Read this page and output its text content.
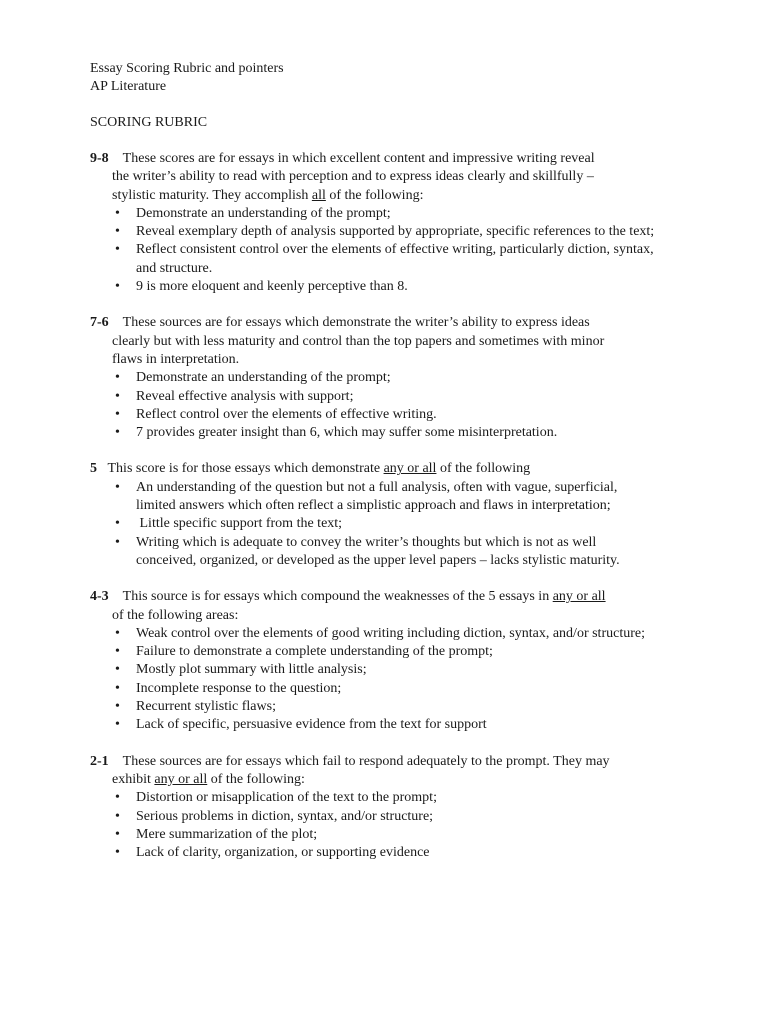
Essay Scoring Rubric and pointers
AP Literature
SCORING RUBRIC
9-8 These scores are for essays in which excellent content and impressive writing reveal
the writer’s ability to read with perception and to express ideas clearly and skillfully –
stylistic maturity. They accomplish all of the following:
• Demonstrate an understanding of the prompt;
• Reveal exemplary depth of analysis supported by appropriate, specific references to the text;
• Reflect consistent control over the elements of effective writing, particularly diction, syntax, and structure.
• 9 is more eloquent and keenly perceptive than 8.
7-6 These sources are for essays which demonstrate the writer’s ability to express ideas
clearly but with less maturity and control than the top papers and sometimes with minor
flaws in interpretation.
• Demonstrate an understanding of the prompt;
• Reveal effective analysis with support;
• Reflect control over the elements of effective writing.
• 7 provides greater insight than 6, which may suffer some misinterpretation.
5 This score is for those essays which demonstrate any or all of the following
• An understanding of the question but not a full analysis, often with vague, superficial, limited answers which often reflect a simplistic approach and flaws in interpretation;
•  Little specific support from the text;
• Writing which is adequate to convey the writer’s thoughts but which is not as well conceived, organized, or developed as the upper level papers – lacks stylistic maturity.
4-3 This source is for essays which compound the weaknesses of the 5 essays in any or all
of the following areas:
• Weak control over the elements of good writing including diction, syntax, and/or structure;
• Failure to demonstrate a complete understanding of the prompt;
• Mostly plot summary with little analysis;
• Incomplete response to the question;
• Recurrent stylistic flaws;
• Lack of specific, persuasive evidence from the text for support
2-1 These sources are for essays which fail to respond adequately to the prompt. They may
exhibit any or all of the following:
• Distortion or misapplication of the text to the prompt;
• Serious problems in diction, syntax, and/or structure;
• Mere summarization of the plot;
• Lack of clarity, organization, or supporting evidence
